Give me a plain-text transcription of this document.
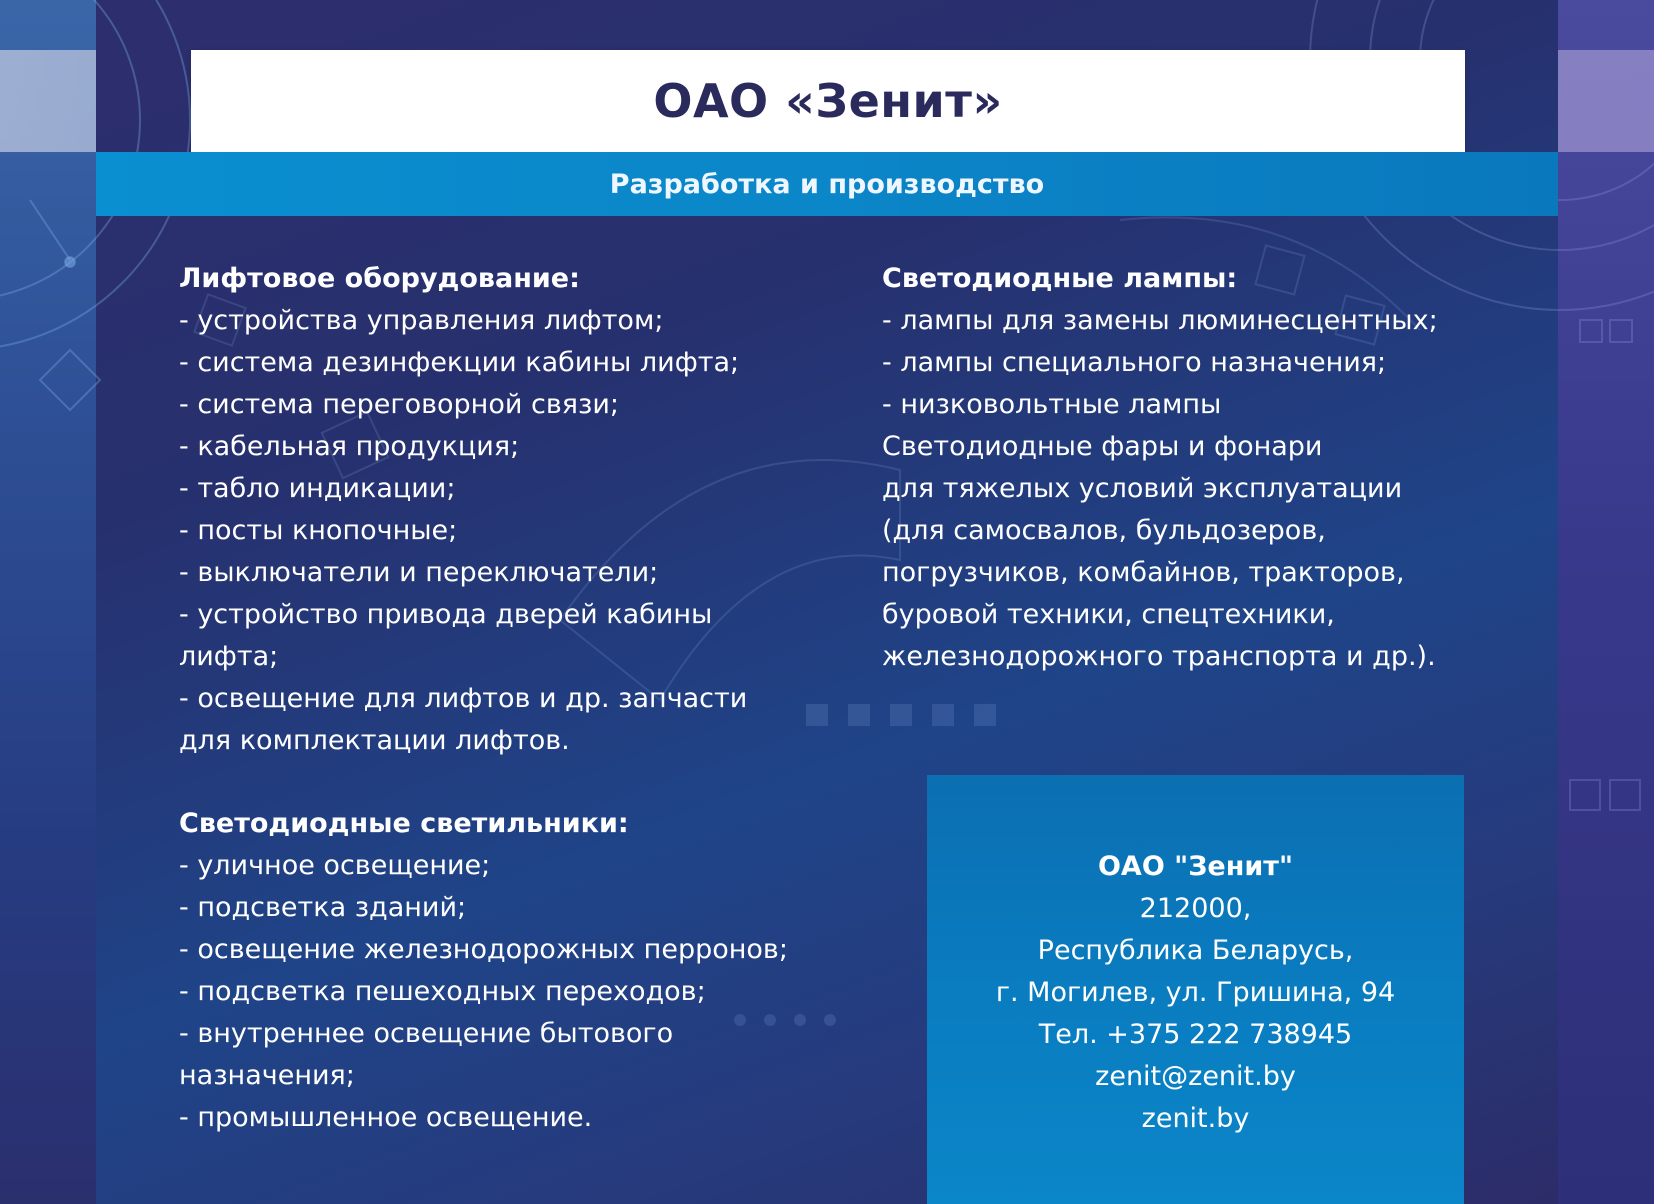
ОАО «Зенит»
Разработка и производство
Лифтовое оборудование:
- устройства управления лифтом;
- система дезинфекции кабины лифта;
- система переговорной связи;
- кабельная продукция;
- табло индикации;
- посты кнопочные;
- выключатели и переключатели;
- устройство привода дверей кабины
лифта;
- освещение для лифтов и др. запчасти
для комплектации лифтов.
Светодиодные лампы:
- лампы для замены люминесцентных;
- лампы специального назначения;
- низковольтные лампы
Светодиодные фары и фонари
для тяжелых условий эксплуатации
(для самосвалов, бульдозеров,
погрузчиков, комбайнов, тракторов,
буровой техники, спецтехники,
железнодорожного транспорта и др.).
Светодиодные светильники:
- уличное освещение;
- подсветка зданий;
- освещение железнодорожных перронов;
- подсветка пешеходных переходов;
- внутреннее освещение бытового
назначения;
- промышленное освещение.
ОАО "Зенит"
212000,
Республика Беларусь,
г. Могилев, ул. Гришина, 94
Тел. +375 222 738945
zenit@zenit.by
zenit.by
